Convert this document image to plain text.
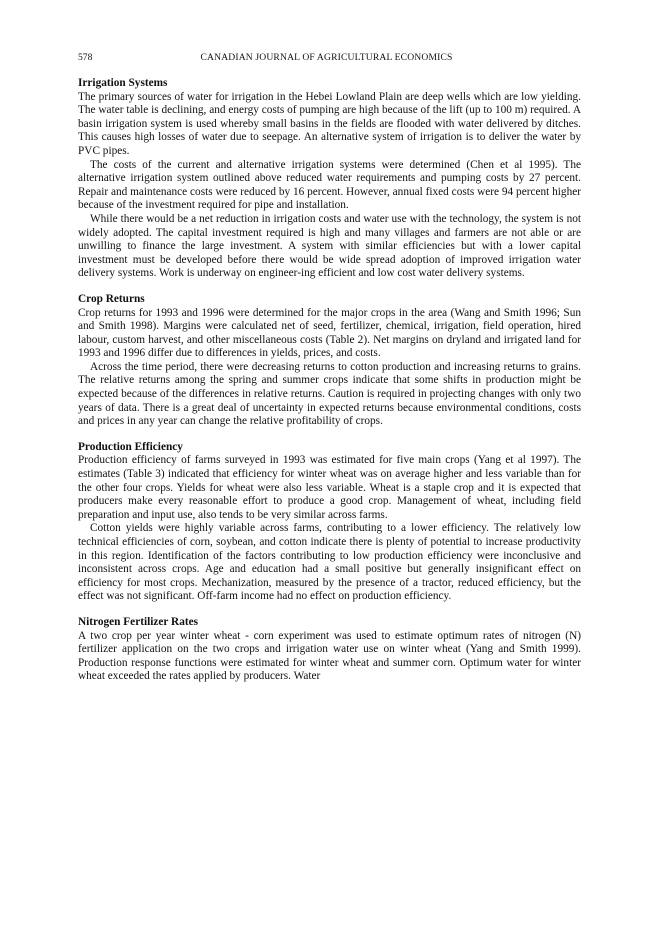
578	CANADIAN JOURNAL OF AGRICULTURAL ECONOMICS

Irrigation Systems

The primary sources of water for irrigation in the Hebei Lowland Plain are deep wells which are low yielding. The water table is declining, and energy costs of pumping are high because of the lift (up to 100 m) required. A basin irrigation system is used whereby small basins in the fields are flooded with water delivered by ditches. This causes high losses of water due to seepage. An alternative system of irrigation is to deliver the water by PVC pipes.

The costs of the current and alternative irrigation systems were determined (Chen et al 1995). The alternative irrigation system outlined above reduced water requirements and pumping costs by 27 percent. Repair and maintenance costs were reduced by 16 percent. However, annual fixed costs were 94 percent higher because of the investment required for pipe and installation.

While there would be a net reduction in irrigation costs and water use with the technology, the system is not widely adopted. The capital investment required is high and many villages and farmers are not able or are unwilling to finance the large investment. A system with similar efficiencies but with a lower capital investment must be developed before there would be wide spread adoption of improved irrigation water delivery systems. Work is underway on engineer-ing efficient and low cost water delivery systems.

Crop Returns

Crop returns for 1993 and 1996 were determined for the major crops in the area (Wang and Smith 1996; Sun and Smith 1998). Margins were calculated net of seed, fertilizer, chemical, irrigation, field operation, hired labour, custom harvest, and other miscellaneous costs (Table 2). Net margins on dryland and irrigated land for 1993 and 1996 differ due to differences in yields, prices, and costs.

Across the time period, there were decreasing returns to cotton production and increasing returns to grains. The relative returns among the spring and summer crops indicate that some shifts in production might be expected because of the differences in relative returns. Caution is required in projecting changes with only two years of data. There is a great deal of uncertainty in expected returns because environmental conditions, costs and prices in any year can change the relative profitability of crops.

Production Efficiency

Production efficiency of farms surveyed in 1993 was estimated for five main crops (Yang et al 1997). The estimates (Table 3) indicated that efficiency for winter wheat was on average higher and less variable than for the other four crops. Yields for wheat were also less variable. Wheat is a staple crop and it is expected that producers make every reasonable effort to produce a good crop. Management of wheat, including field preparation and input use, also tends to be very similar across farms.

Cotton yields were highly variable across farms, contributing to a lower efficiency. The relatively low technical efficiencies of corn, soybean, and cotton indicate there is plenty of potential to increase productivity in this region. Identification of the factors contributing to low production efficiency were inconclusive and inconsistent across crops. Age and education had a small positive but generally insignificant effect on efficiency for most crops. Mechanization, measured by the presence of a tractor, reduced efficiency, but the effect was not significant. Off-farm income had no effect on production efficiency.

Nitrogen Fertilizer Rates

A two crop per year winter wheat - corn experiment was used to estimate optimum rates of nitrogen (N) fertilizer application on the two crops and irrigation water use on winter wheat (Yang and Smith 1999). Production response functions were estimated for winter wheat and summer corn. Optimum water for winter wheat exceeded the rates applied by producers. Water
